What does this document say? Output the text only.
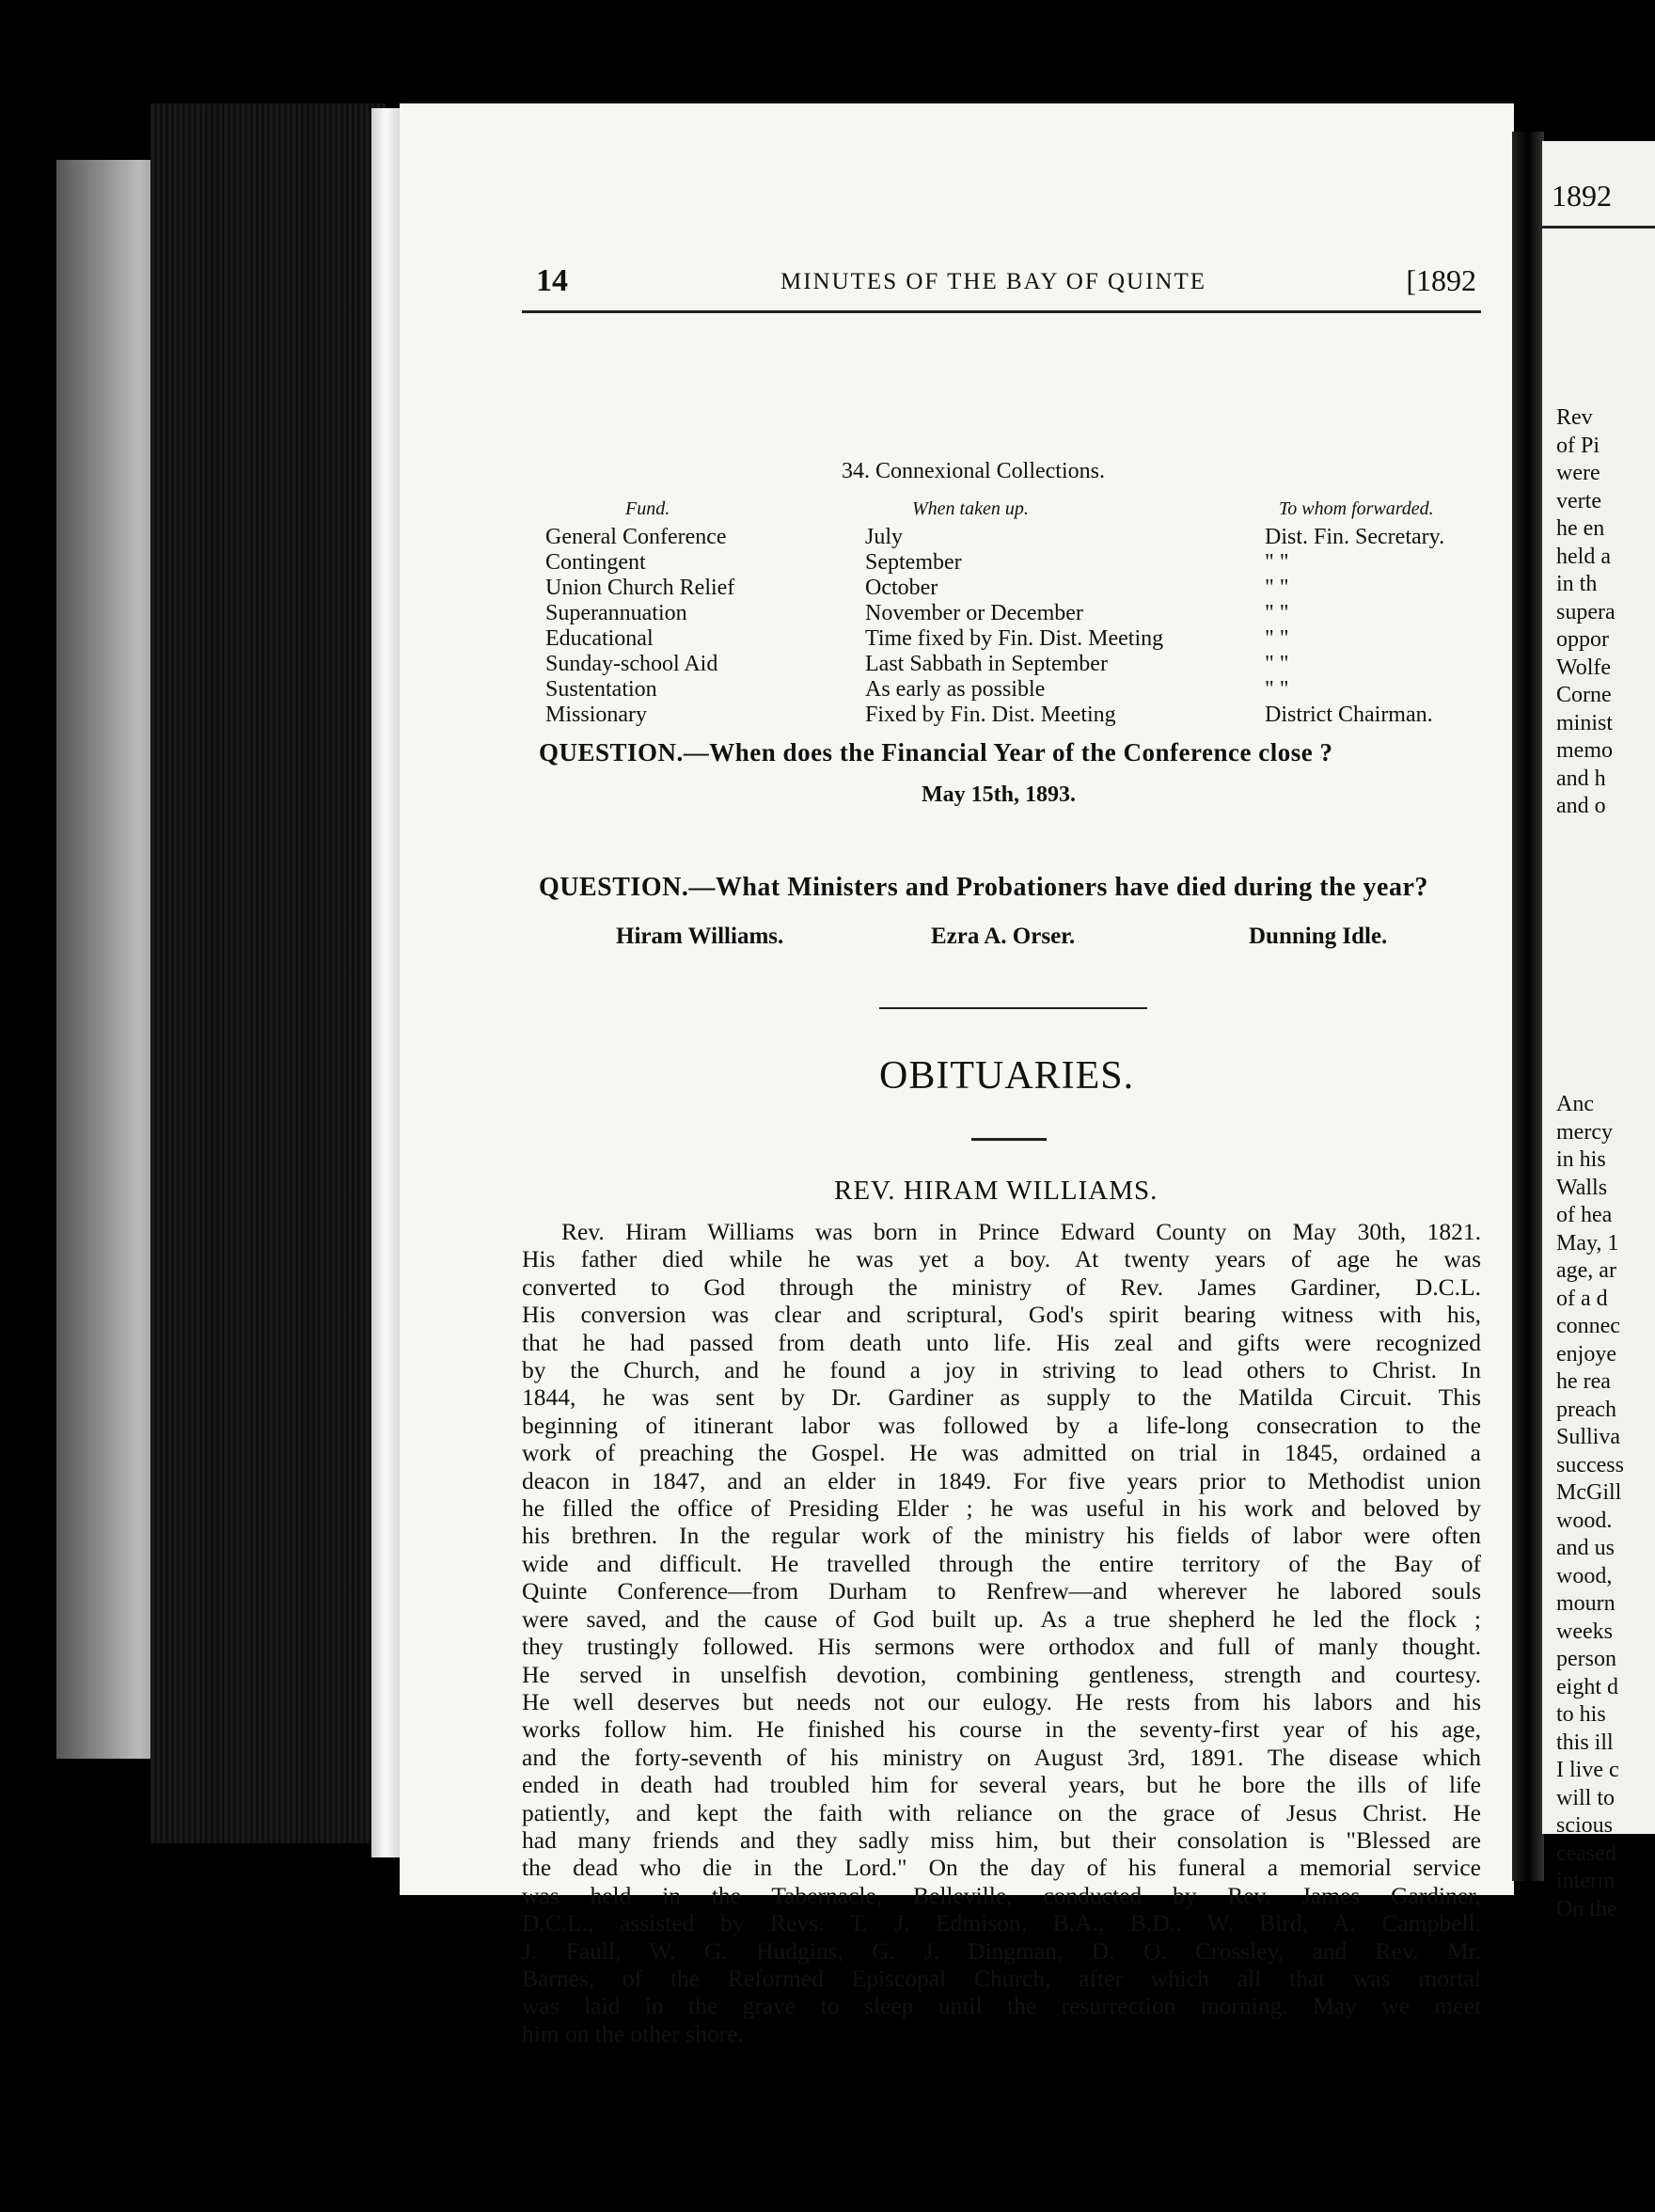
14	MINUTES OF THE BAY OF QUINTE	[1892
34. Connexional Collections.
Fund.	When taken up.	To whom forwarded.
General Conference	July	Dist. Fin. Secretary.
Contingent	September	" "
Union Church Relief	October	" "
Superannuation	November or December	" "
Educational	Time fixed by Fin. Dist. Meeting	" "
Sunday-school Aid	Last Sabbath in September	" "
Sustentation	As early as possible	" "
Missionary	Fixed by Fin. Dist. Meeting	District Chairman.
QUESTION.—When does the Financial Year of the Conference close ?
May 15th, 1893.
QUESTION.—What Ministers and Probationers have died during the year?
Hiram Williams.	Ezra A. Orser.	Dunning Idle.
OBITUARIES.
REV. HIRAM WILLIAMS.
Rev. Hiram Williams was born in Prince Edward County on May 30th, 1821.
His father died while he was yet a boy. At twenty years of age he was
converted to God through the ministry of Rev. James Gardiner, D.C.L.
His conversion was clear and scriptural, God's spirit bearing witness with his,
that he had passed from death unto life. His zeal and gifts were recognized
by the Church, and he found a joy in striving to lead others to Christ. In
1844, he was sent by Dr. Gardiner as supply to the Matilda Circuit. This
beginning of itinerant labor was followed by a life-long consecration to the
work of preaching the Gospel. He was admitted on trial in 1845, ordained a
deacon in 1847, and an elder in 1849. For five years prior to Methodist union
he filled the office of Presiding Elder ; he was useful in his work and beloved by
his brethren. In the regular work of the ministry his fields of labor were often
wide and difficult. He travelled through the entire territory of the Bay of
Quinte Conference—from Durham to Renfrew—and wherever he labored souls
were saved, and the cause of God built up. As a true shepherd he led the flock ;
they trustingly followed. His sermons were orthodox and full of manly thought.
He served in unselfish devotion, combining gentleness, strength and courtesy.
He well deserves but needs not our eulogy. He rests from his labors and his
works follow him. He finished his course in the seventy-first year of his age,
and the forty-seventh of his ministry on August 3rd, 1891. The disease which
ended in death had troubled him for several years, but he bore the ills of life
patiently, and kept the faith with reliance on the grace of Jesus Christ. He
had many friends and they sadly miss him, but their consolation is "Blessed are
the dead who die in the Lord." On the day of his funeral a memorial service
was held in the Tabernacle, Belleville, conducted by Rev. James Gardiner,
D.C.L., assisted by Revs. T. J. Edmison, B.A., B.D., W. Bird, A. Campbell,
J. Faull, W. G. Hudgins, G. J. Dingman, D. O. Crossley, and Rev. Mr.
Barnes, of the Reformed Episcopal Church, after which all that was mortal
was laid in the grave to sleep until the resurrection morning. May we meet
him on the other shore.
1892
Rev
of Pi
were
verte
he en
held a
in th
supera
oppor
Wolfe
Corne
minist
memo
and h
and o
Anc
mercy
in his
Walls
of hea
May, 1
age, ar
of a d
connec
enjoye
he rea
preach
Sulliva
success
McGill
wood.
and us
wood,
mourn
weeks
person
eight d
to his
this ill
I live c
will to
scious
ceased
interm
On the
